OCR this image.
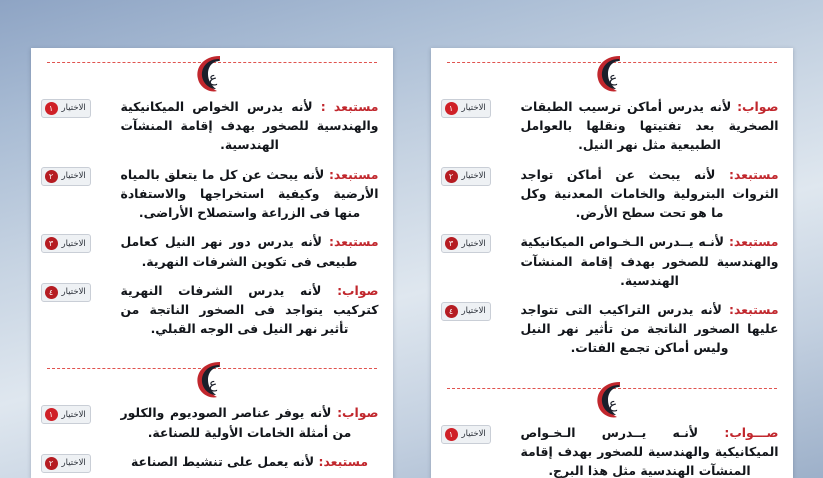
ع
الاختيار
١	صواب: لأنه يدرس أماكن ترسيب الطبقات الصخرية بعد تفتيتها ونقلها بالعوامل الطبيعية مثل نهر النيل.

الاختيار
٢	مستبعد: لأنه يبحث عن أماكن تواجد الثروات البترولية والخامات المعدنية وكل ما هو تحت سطح الأرض.

الاختيار
٣	مستبعد: لأنـه يــدرس الـخـواص الميكانيكية والهندسية للصخور بهدف إقامة المنشآت الهندسية.

الاختيار
٤	مستبعد: لأنه يدرس التراكيب التى تتواجد عليها الصخور الناتجة من تأثير نهر النيل وليس أماكن تجمع الفتات.

ع
الاختيار
١	صـــواب: لأنـه يــدرس الـخـواص الميكانيكية والهندسية للصخور بهدف إقامة المنشآت الهندسية مثل هذا البرج.

ع
الاختيار
١	مستبعد : لأنه يدرس الخواص الميكانيكية والهندسية للصخور بهدف إقامة المنشآت الهندسية.

الاختيار
٢	مستبعد: لأنه يبحث عن كل ما يتعلق بالمياه الأرضية وكيفية استخراجها والاستفادة منها فى الزراعة واستصلاح الأراضى.

الاختيار
٣	مستبعد: لأنه يدرس دور نهر النيل كعامل طبيعى فى تكوين الشرفات النهرية.

الاختيار
٤	صواب: لأنه يدرس الشرفات النهرية كتركيب يتواجد فى الصخور الناتجة من تأثير نهر النيل فى الوجه القبلي.

ع
الاختيار
١	صواب: لأنه يوفر عناصر الصوديوم والكلور من أمثلة الخامات الأولية للصناعة.

الاختيار
٢	مستبعد: لأنه يعمل على تنشيط الصناعة
